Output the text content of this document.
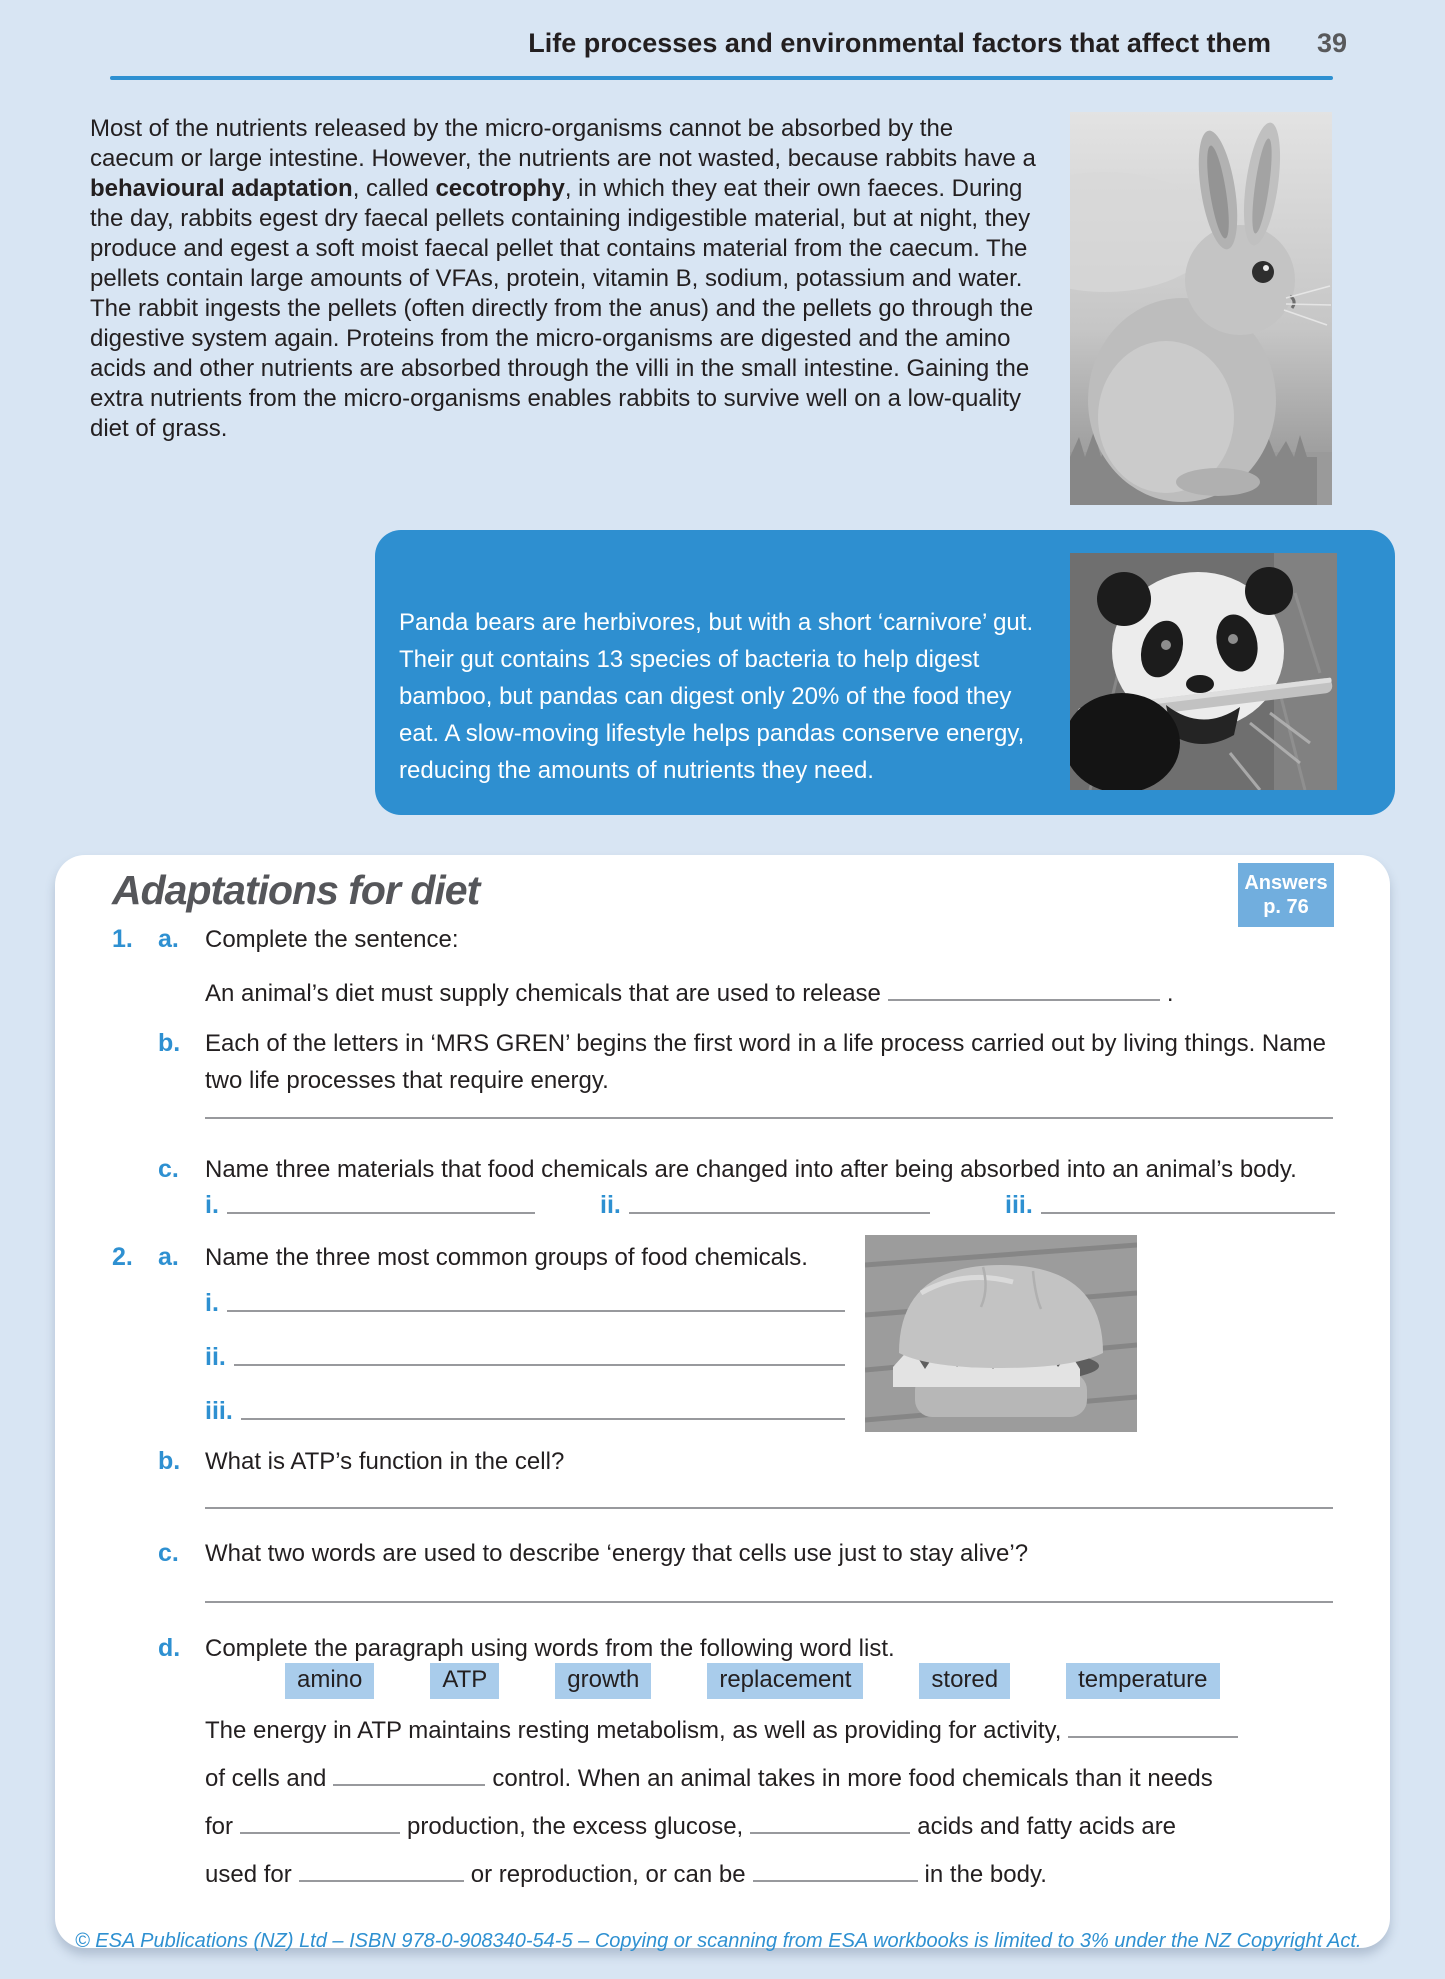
Life processes and environmental factors that affect them 39

Most of the nutrients released by the micro-organisms cannot be absorbed by the caecum or large intestine. However, the nutrients are not wasted, because rabbits have a behavioural adaptation, called cecotrophy, in which they eat their own faeces. During the day, rabbits egest dry faecal pellets containing indigestible material, but at night, they produce and egest a soft moist faecal pellet that contains material from the caecum. The pellets contain large amounts of VFAs, protein, vitamin B, sodium, potassium and water. The rabbit ingests the pellets (often directly from the anus) and the pellets go through the digestive system again. Proteins from the micro-organisms are digested and the amino acids and other nutrients are absorbed through the villi in the small intestine. Gaining the extra nutrients from the micro-organisms enables rabbits to survive well on a low-quality diet of grass.

Panda bears are herbivores, but with a short ‘carnivore’ gut. Their gut contains 13 species of bacteria to help digest bamboo, but pandas can digest only 20% of the food they eat. A slow-moving lifestyle helps pandas conserve energy, reducing the amounts of nutrients they need.

Adaptations for diet	Answers
p. 76
1. a. Complete the sentence:
An animal’s diet must supply chemicals that are used to release	.
b. Each of the letters in ‘MRS GREN’ begins the first word in a life process carried out by living things. Name two life processes that require energy.
c. Name three materials that food chemicals are changed into after being absorbed into an animal’s body.
i.	ii.	iii.
2. a. Name the three most common groups of food chemicals.
i.
ii.
iii.
b. What is ATP’s function in the cell?
c. What two words are used to describe ‘energy that cells use just to stay alive’?
d. Complete the paragraph using words from the following word list.
amino	ATP	growth	replacement	stored	temperature
The energy in ATP maintains resting metabolism, as well as providing for activity,
of cells and	control. When an animal takes in more food chemicals than it needs
for	production, the excess glucose,	acids and fatty acids are
used for	or reproduction, or can be	in the body.
© ESA Publications (NZ) Ltd – ISBN 978-0-908340-54-5 – Copying or scanning from ESA workbooks is limited to 3% under the NZ Copyright Act.
